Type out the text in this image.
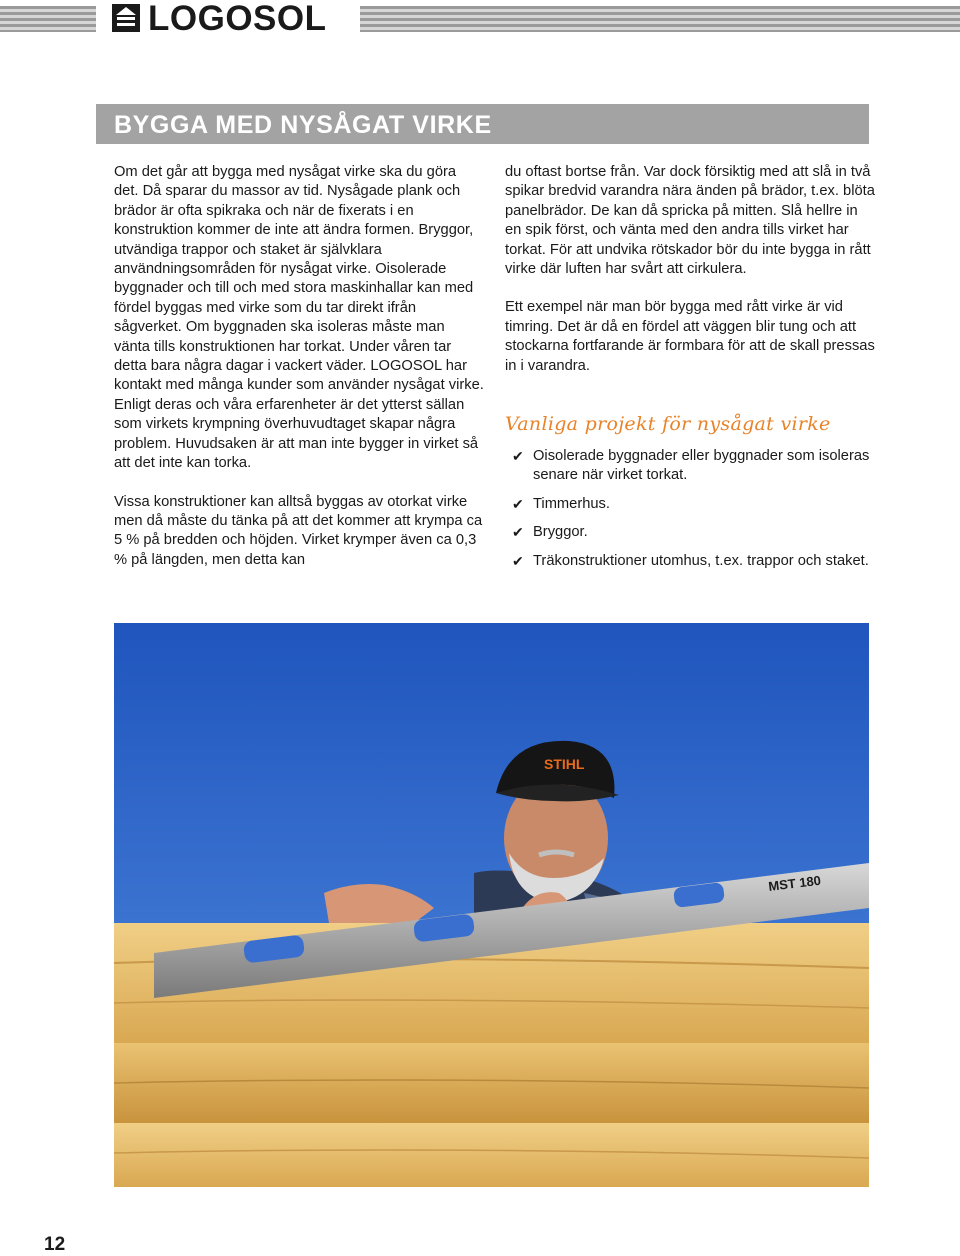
LOGOSOL
BYGGA MED NYSÅGAT VIRKE

Om det går att bygga med nysågat virke ska du göra det. Då sparar du massor av tid. Nysågade plank och brädor är ofta spikraka och när de fixerats i en konstruktion kommer de inte att ändra formen. Bryggor, utvändiga trappor och staket är självklara användningsområden för nysågat virke. Oisolerade byggnader och till och med stora maskinhallar kan med fördel byggas med virke som du tar direkt ifrån sågverket. Om byggnaden ska isoleras måste man vänta tills konstruktionen har torkat. Under våren tar detta bara några dagar i vackert väder. LOGOSOL har kontakt med många kunder som använder nysågat virke. Enligt deras och våra erfarenheter är det ytterst sällan som virkets krympning överhuvudtaget skapar några problem. Huvudsaken är att man inte bygger in virket så att det inte kan torka.

Vissa konstruktioner kan alltså byggas av otorkat virke men då måste du tänka på att det kommer att krympa ca 5 % på bredden och höjden. Virket krymper även ca 0,3 % på längden, men detta kan

du oftast bortse från. Var dock försiktig med att slå in två spikar bredvid varandra nära änden på brädor, t.ex. blöta panelbrädor. De kan då spricka på mitten. Slå hellre in en spik först, och vänta med den andra tills virket har torkat. För att undvika rötskador bör du inte bygga in rått virke där luften har svårt att cirkulera.

Ett exempel när man bör bygga med rått virke är vid timring. Det är då en fördel att väggen blir tung och att stockarna fortfarande är formbara för att de skall pressas in i varandra.

Vanliga projekt för nysågat virke
✔ Oisolerade byggnader eller byggnader som isoleras senare när virket torkat.
✔ Timmerhus.
✔ Bryggor.
✔ Träkonstruktioner utomhus, t.ex. trappor och staket.
STIHL
MST 180
12
